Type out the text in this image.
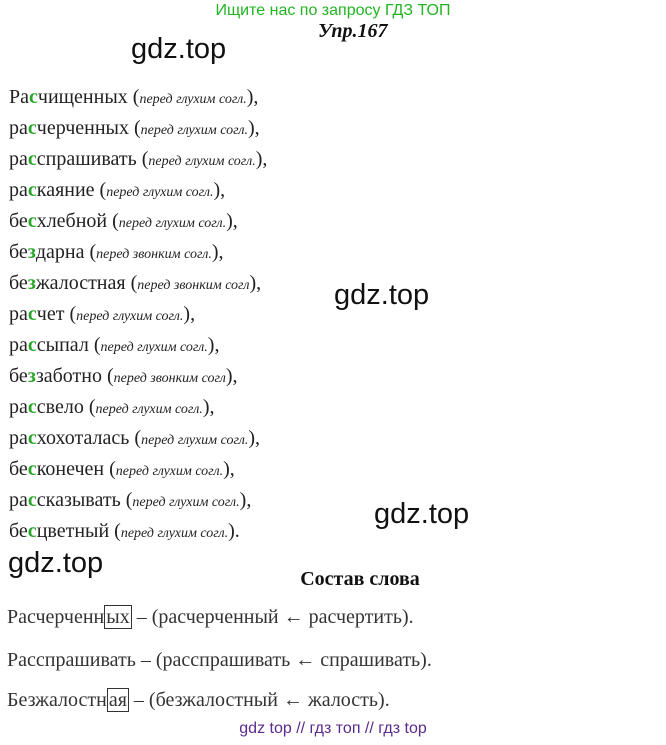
Ищите нас по запросу ГДЗ ТОП
Упр.167
gdz.top
gdz.top
gdz.top
gdz.top
Расчищенных (перед глухим согл.),
расчерченных (перед глухим согл.),
расспрашивать (перед глухим согл.),
раскаяние (перед глухим согл.),
бесхлебной (перед глухим согл.),
бездарна (перед звонким согл.),
безжалостная (перед звонким согл),
расчет (перед глухим согл.),
рассыпал (перед глухим согл.),
беззаботно (перед звонким согл),
рассвело (перед глухим согл.),
расхохоталась (перед глухим согл.),
бесконечен (перед глухим согл.),
рассказывать (перед глухим согл.),
бесцветный (перед глухим согл.).
Состав слова
Расчерченн ых – (расчерченный ← расчертить).
Расспрашивать – (расспрашивать ← спрашивать).
Безжалостн ая – (безжалостный ← жалость).
gdz top // гдз топ // гдз top
